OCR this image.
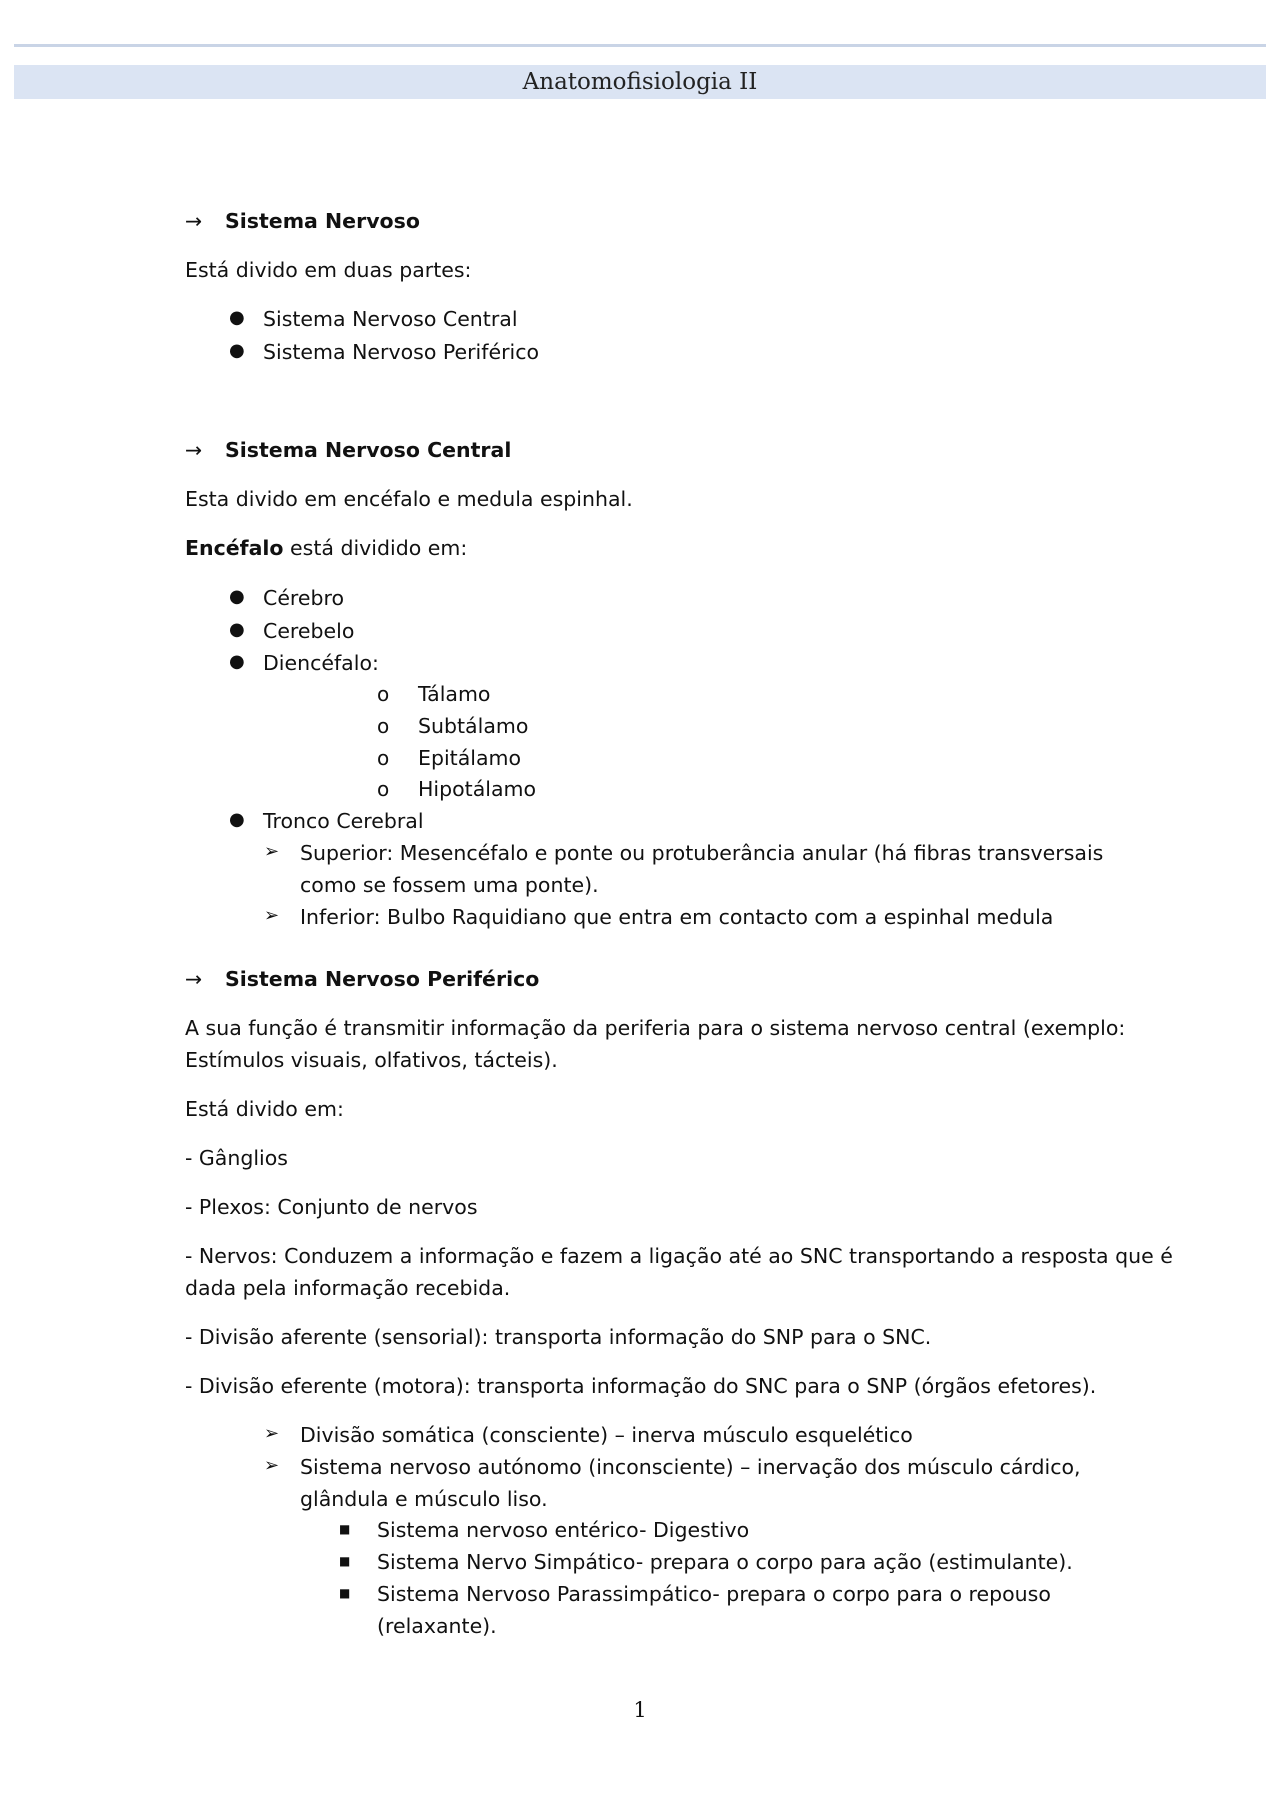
Anatomofisiologia II
→ Sistema Nervoso
Está divido em duas partes:
● Sistema Nervoso Central
● Sistema Nervoso Periférico
→ Sistema Nervoso Central
Esta divido em encéfalo e medula espinhal.
Encéfalo está dividido em:
● Cérebro
● Cerebelo
● Diencéfalo:
o Tálamo
o Subtálamo
o Epitálamo
o Hipotálamo
● Tronco Cerebral
➢ Superior: Mesencéfalo e ponte ou protuberância anular (há fibras transversais
como se fossem uma ponte).
➢ Inferior: Bulbo Raquidiano que entra em contacto com a espinhal medula
→ Sistema Nervoso Periférico
A sua função é transmitir informação da periferia para o sistema nervoso central (exemplo:
Estímulos visuais, olfativos, tácteis).
Está divido em:
- Gânglios
- Plexos: Conjunto de nervos
- Nervos: Conduzem a informação e fazem a ligação até ao SNC transportando a resposta que é
dada pela informação recebida.
- Divisão aferente (sensorial): transporta informação do SNP para o SNC.
- Divisão eferente (motora): transporta informação do SNC para o SNP (órgãos efetores).
➢ Divisão somática (consciente) – inerva músculo esquelético
➢ Sistema nervoso autónomo (inconsciente) – inervação dos músculo cárdico,
glândula e músculo liso.
■ Sistema nervoso entérico- Digestivo
■ Sistema Nervo Simpático- prepara o corpo para ação (estimulante).
■ Sistema Nervoso Parassimpático- prepara o corpo para o repouso
(relaxante).
1
